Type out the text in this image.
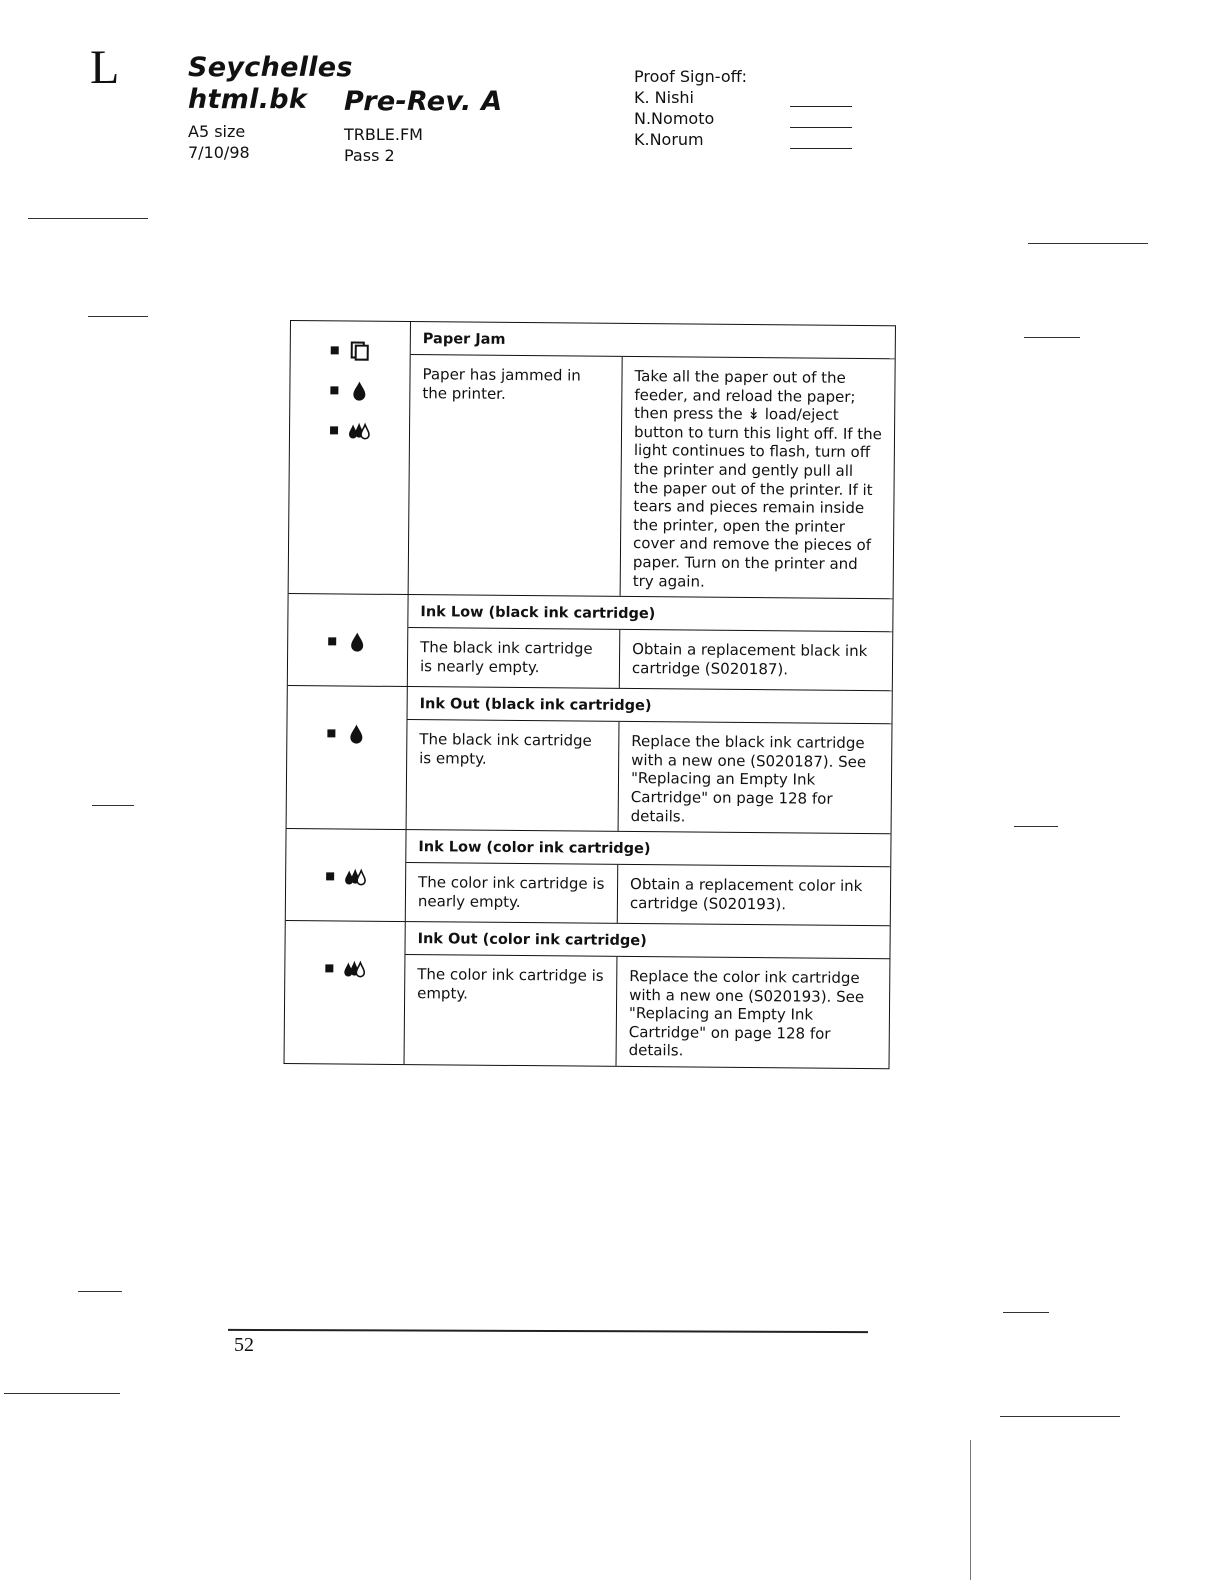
L	Seychelles
html.bk Pre-Rev. A
A5 size
7/10/98
TRBLE.FM
Pass 2
Proof Sign-off:
K. Nishi
N.Nomoto
K.Norum
Paper Jam
Paper has jammed in the printer.
Take all the paper out of the feeder, and reload the paper; then press the ↡ load/eject button to turn this light off. If the light continues to flash, turn off the printer and gently pull all the paper out of the printer. If it tears and pieces remain inside the printer, open the printer cover and remove the pieces of paper. Turn on the printer and try again.
Ink Low (black ink cartridge)
The black ink cartridge is nearly empty.
Obtain a replacement black ink cartridge (S020187).
Ink Out (black ink cartridge)
The black ink cartridge is empty.
Replace the black ink cartridge with a new one (S020187). See "Replacing an Empty Ink Cartridge" on page 128 for details.
Ink Low (color ink cartridge)
The color ink cartridge is nearly empty.
Obtain a replacement color ink cartridge (S020193).
Ink Out (color ink cartridge)
The color ink cartridge is empty.
Replace the color ink cartridge with a new one (S020193). See "Replacing an Empty Ink Cartridge" on page 128 for details.
52
